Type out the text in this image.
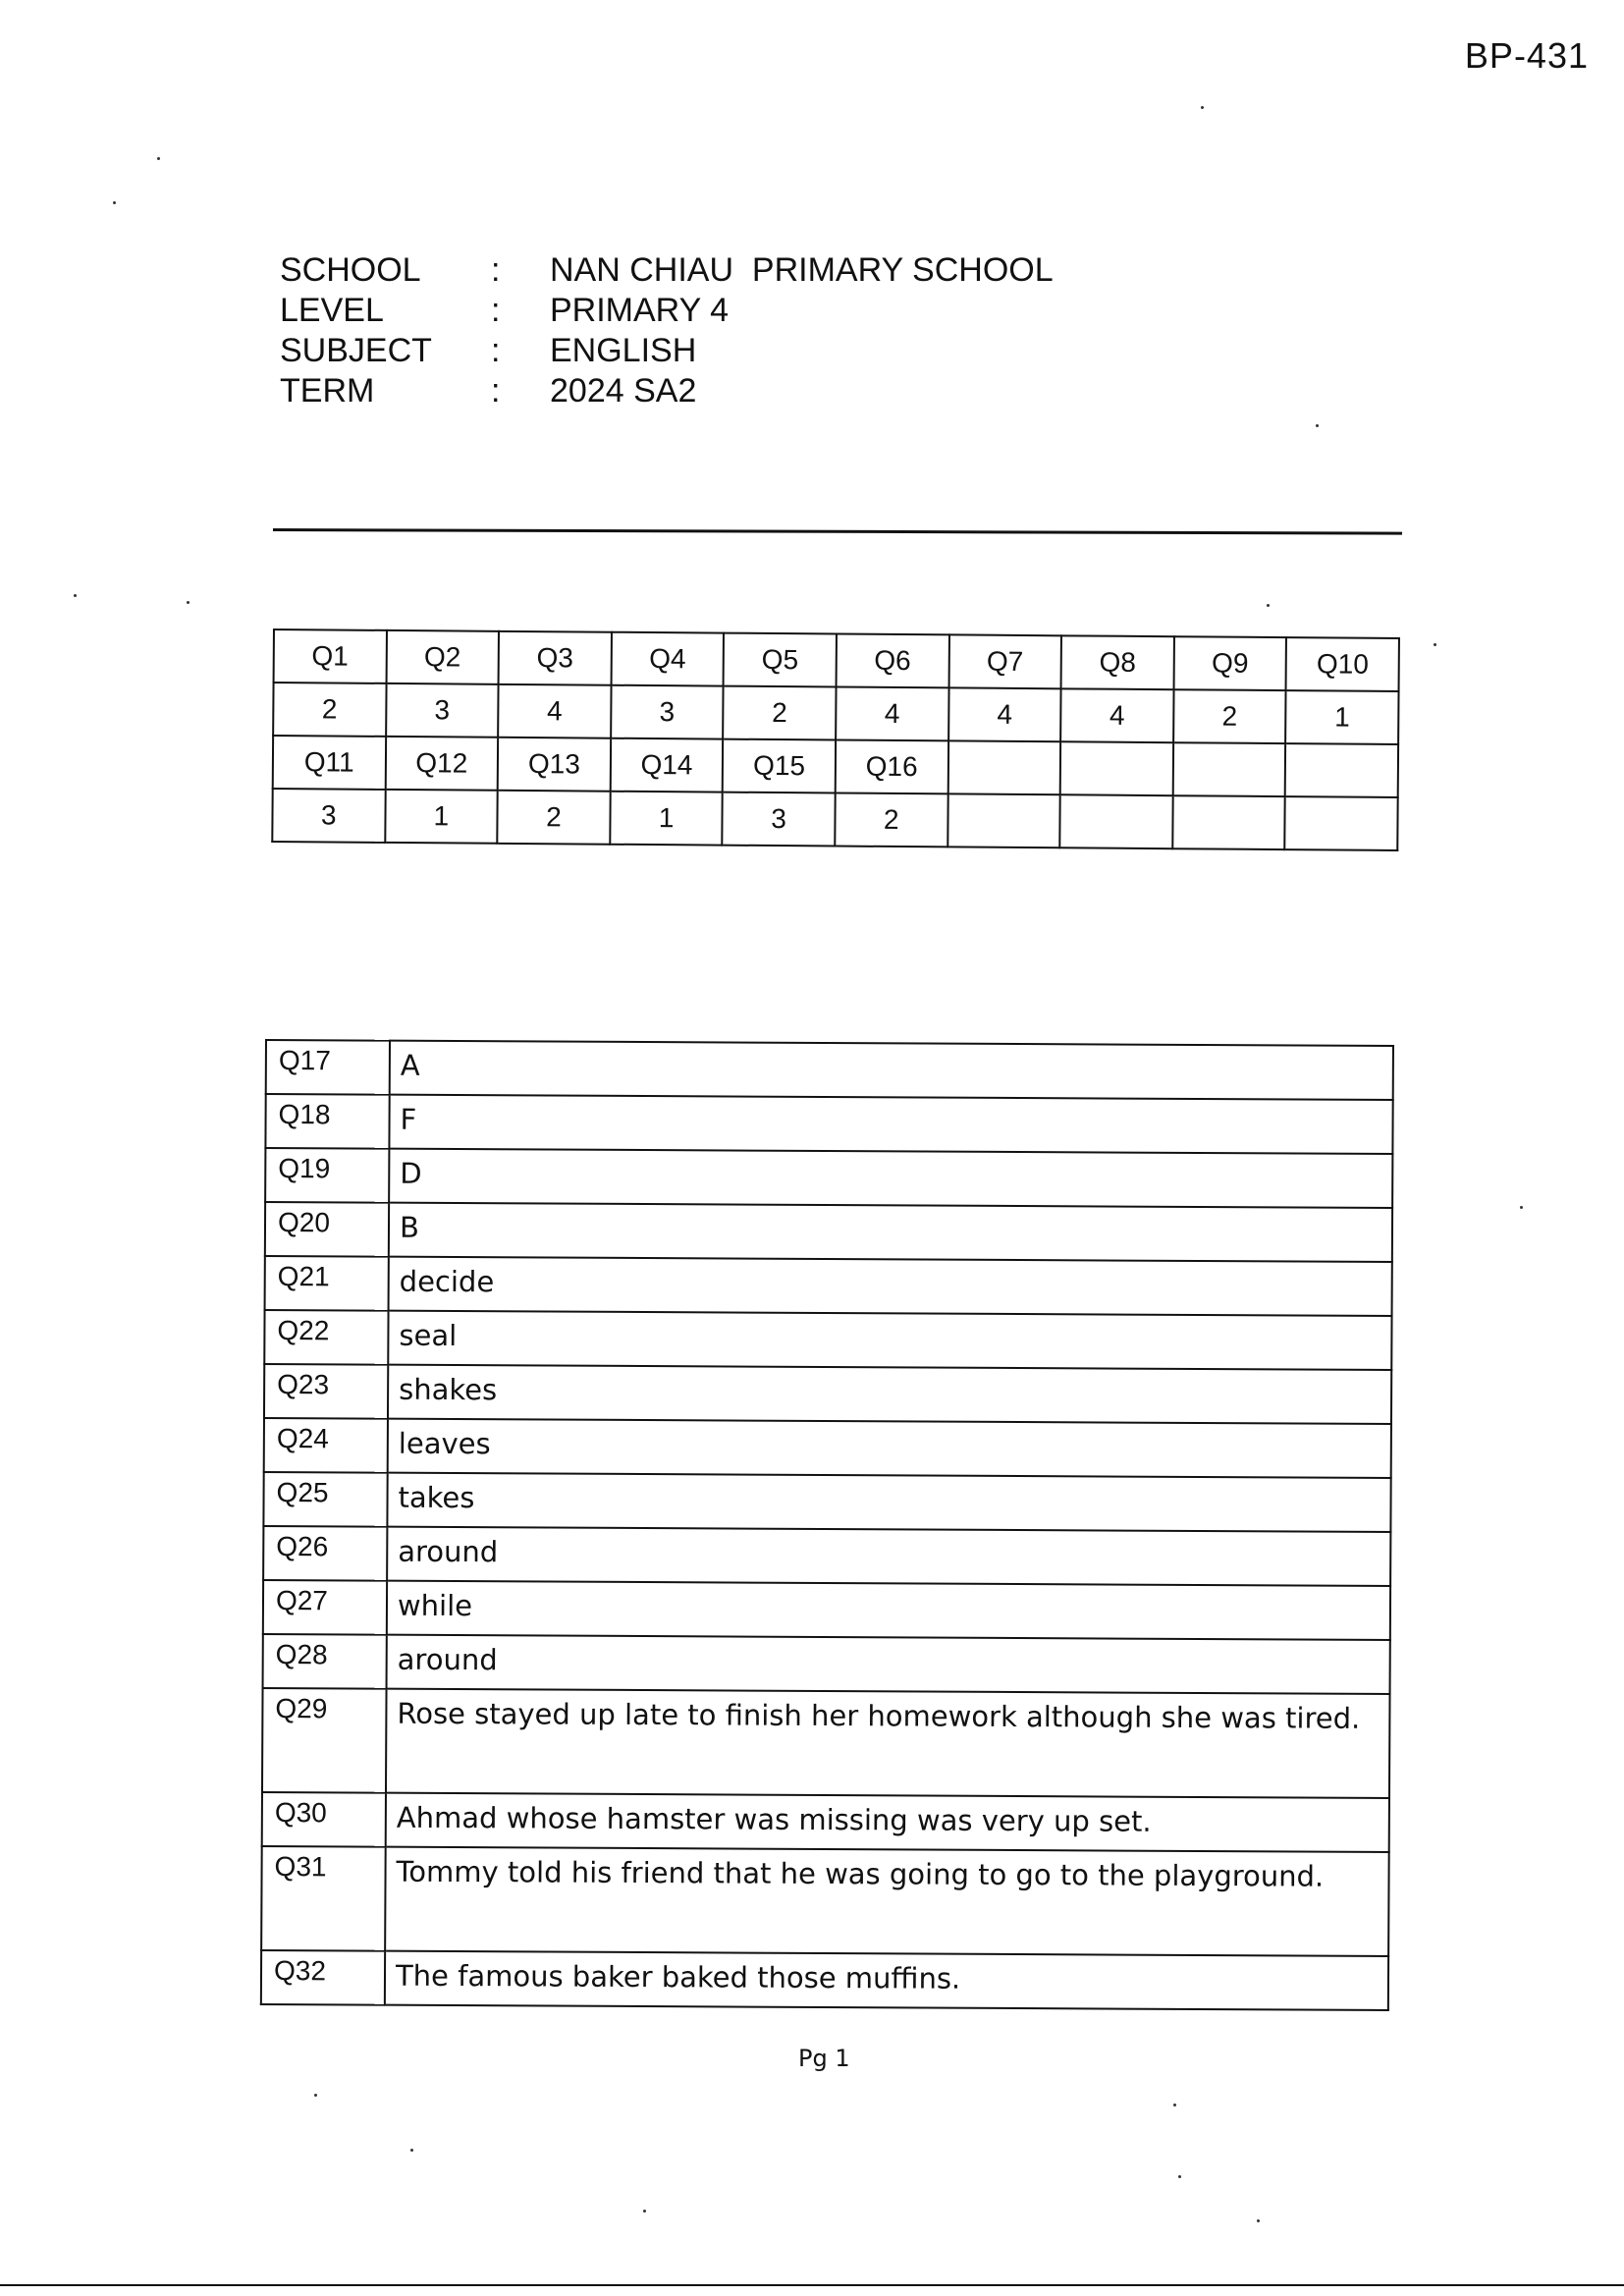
BP-431
SCHOOL	:	NAN CHIAU  PRIMARY SCHOOL
LEVEL	:	PRIMARY 4
SUBJECT	:	ENGLISH
TERM	:	2024 SA2
Q1	Q2	Q3	Q4	Q5	Q6	Q7	Q8	Q9	Q10
2	3	4	3	2	4	4	4	2	1
Q11	Q12	Q13	Q14	Q15	Q16				
3	1	2	1	3	2				
Q17	A
Q18	F
Q19	D
Q20	B
Q21	decide
Q22	seal
Q23	shakes
Q24	leaves
Q25	takes
Q26	around
Q27	while
Q28	around
Q29	Rose stayed up late to finish her homework although she was tired.
Q30	Ahmad whose hamster was missing was very up set.
Q31	Tommy told his friend that he was going to go to the playground.
Q32	The famous baker baked those muffins.
Pg 1
